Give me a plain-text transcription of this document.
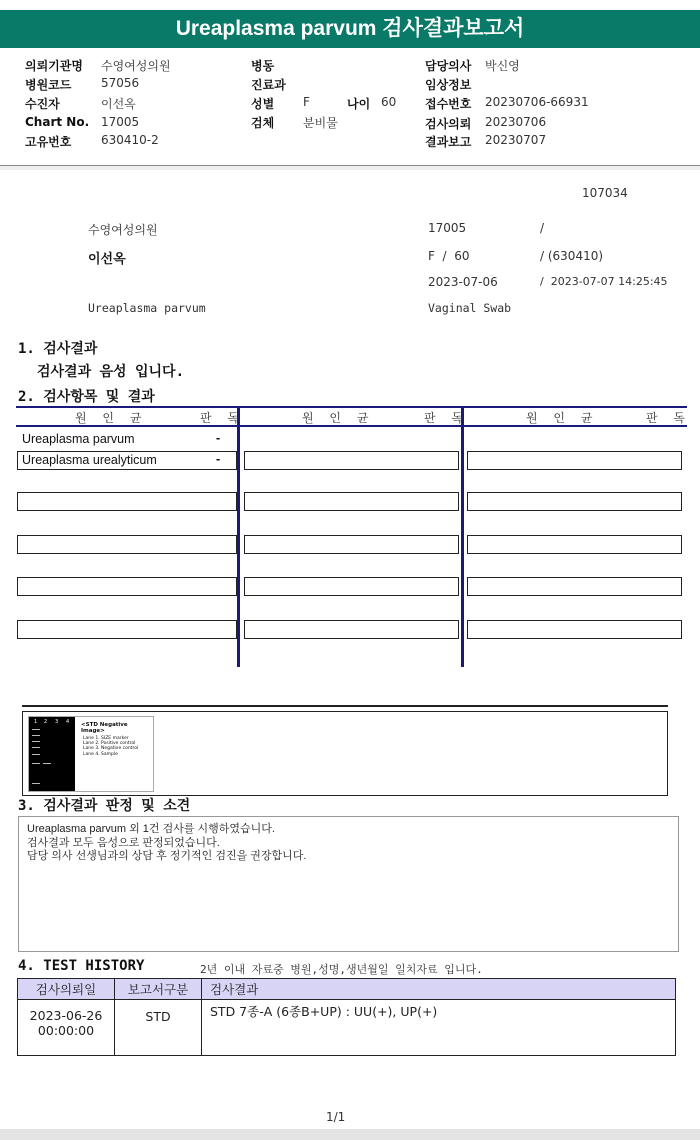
Ureaplasma parvum 검사결과보고서
의뢰기관명 수영여성의원
병원코드 57056
수진자	이선옥
Chart No. 17005
고유번호 630410-2
병동
진료과
성별 F	나이 60
검체 분비물
담당의사 박신영
임상정보
접수번호 20230706-66931
검사의뢰 20230706
결과보고 20230707
107034
수영여성의원	17005	/
이선옥	F  /  60	/ (630410)
2023-07-06	/  2023-07-07 14:25:45
Ureaplasma parvum	Vaginal Swab
1. 검사결과
검사결과 음성 입니다.
2. 검사항목 및 결과
원 인 균	판 독	원 인 균	판 독	원 인 균	판 독
Ureaplasma parvum	-
Ureaplasma urealyticum	-
1 2 3 4 <STD Negative Image>
Lane 1. SIZE marker
Lane 2. Positive control
Lane 3. Negative control
Lane 4. Sample
3. 검사결과 판정 및 소견
Ureaplasma parvum 외 1건 검사를 시행하였습니다.
검사결과 모두 음성으로 판정되었습니다.
담당 의사 선생님과의 상담 후 정기적인 검진을 권장합니다.
4. TEST HISTORY	2년 이내 자료중 병원,성명,생년월일 일치자료 입니다.
검사의뢰일	보고서구분	검사결과

2023-06-26
00:00:00	STD	STD 7종-A (6종B+UP) : UU(+), UP(+)
1/1
